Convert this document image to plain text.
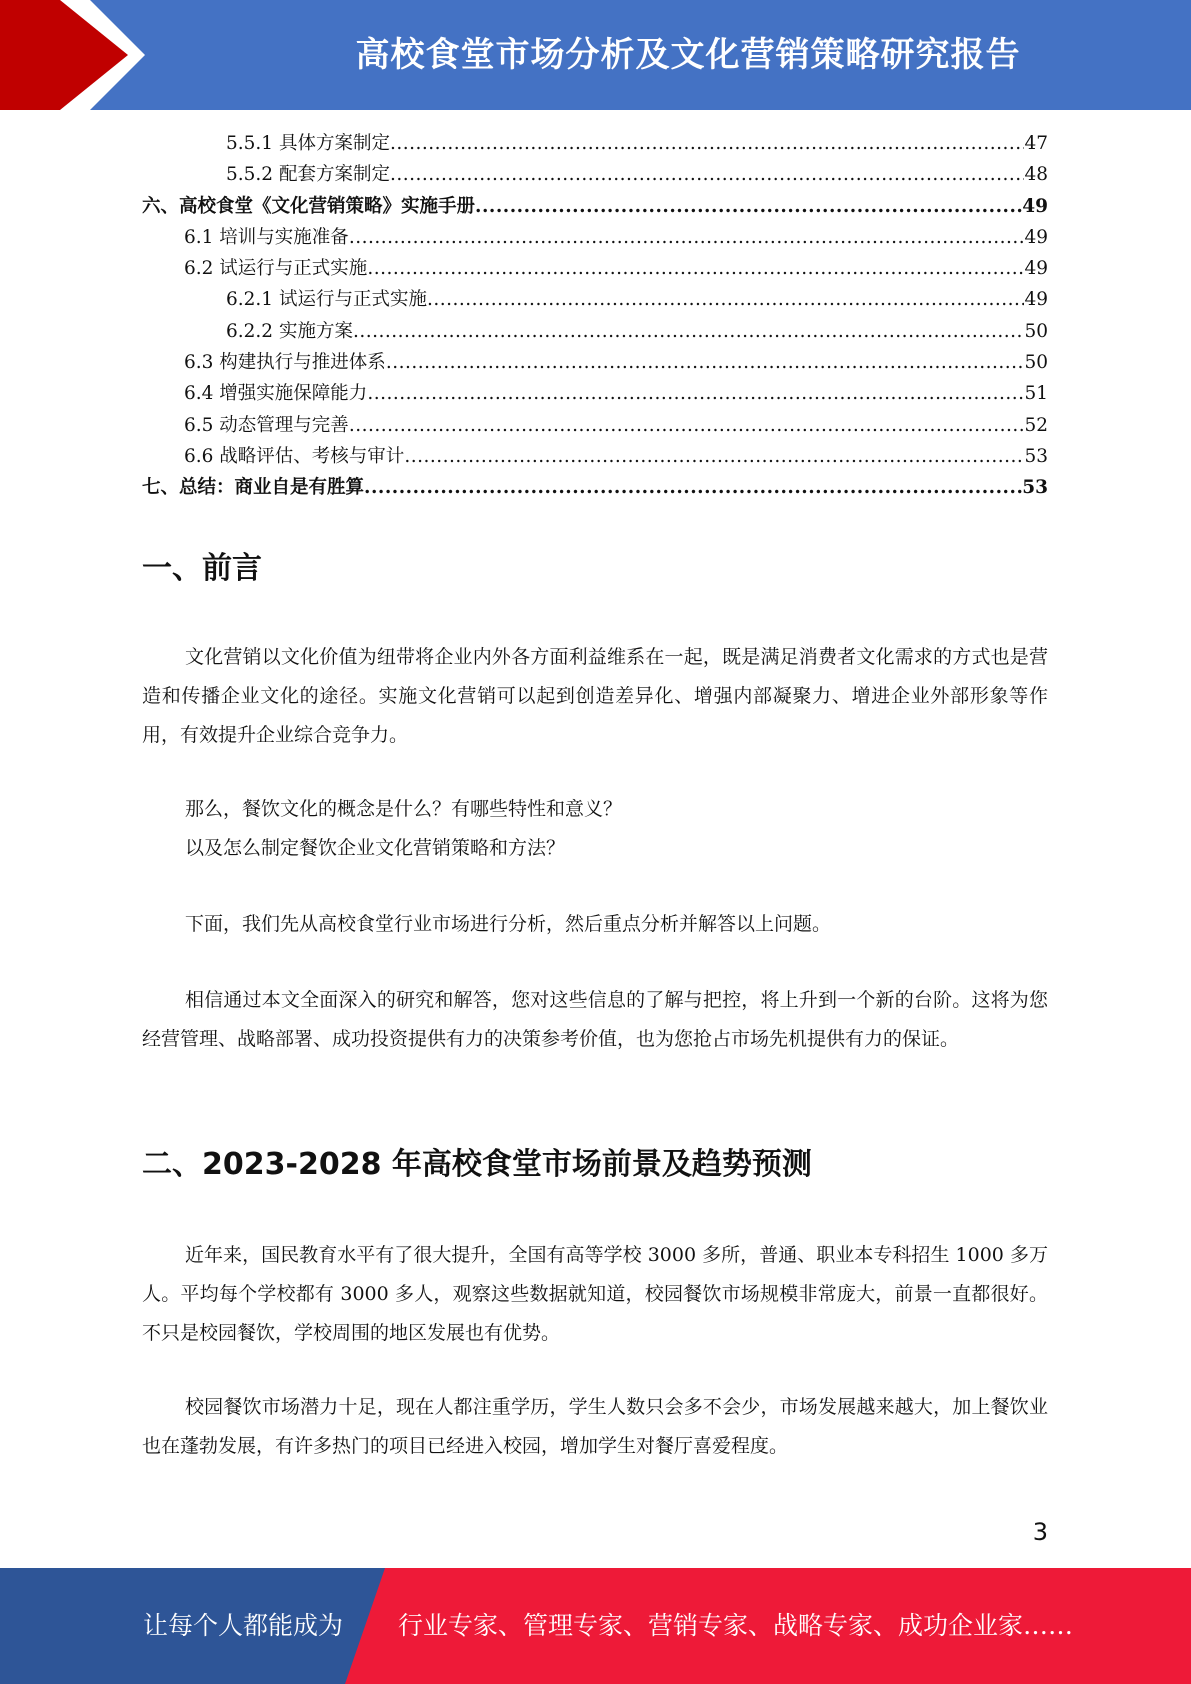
高校食堂市场分析及文化营销策略研究报告
5.5.1 具体方案制定 .....	47
5.5.2 配套方案制定 .....	48
六、高校食堂《文化营销策略》实施手册 .....	49
6.1 培训与实施准备 .....	49
6.2 试运行与正式实施 .....	49
6.2.1 试运行与正式实施 .....	49
6.2.2 实施方案 .....	50
6.3 构建执行与推进体系 .....	50
6.4 增强实施保障能力 .....	51
6.5 动态管理与完善 .....	52
6.6 战略评估、考核与审计 .....	53
七、总结：商业自是有胜算 .....	53
一、前言

文化营销以文化价值为纽带将企业内外各方面利益维系在一起，既是满足消费者文化需求的方式也是营造和传播企业文化的途径。实施文化营销可以起到创造差异化、增强内部凝聚力、增进企业外部形象等作用，有效提升企业综合竞争力。

那么，餐饮文化的概念是什么？有哪些特性和意义？
以及怎么制定餐饮企业文化营销策略和方法？

下面，我们先从高校食堂行业市场进行分析，然后重点分析并解答以上问题。

相信通过本文全面深入的研究和解答，您对这些信息的了解与把控，将上升到一个新的台阶。这将为您经营管理、战略部署、成功投资提供有力的决策参考价值，也为您抢占市场先机提供有力的保证。

二、2023-2028 年高校食堂市场前景及趋势预测

近年来，国民教育水平有了很大提升，全国有高等学校 3000 多所，普通、职业本专科招生 1000 多万人。平均每个学校都有 3000 多人，观察这些数据就知道，校园餐饮市场规模非常庞大，前景一直都很好。不只是校园餐饮，学校周围的地区发展也有优势。

校园餐饮市场潜力十足，现在人都注重学历，学生人数只会多不会少，市场发展越来越大，加上餐饮业也在蓬勃发展，有许多热门的项目已经进入校园，增加学生对餐厅喜爱程度。

3
让每个人都能成为 行业专家、管理专家、营销专家、战略专家、成功企业家……
